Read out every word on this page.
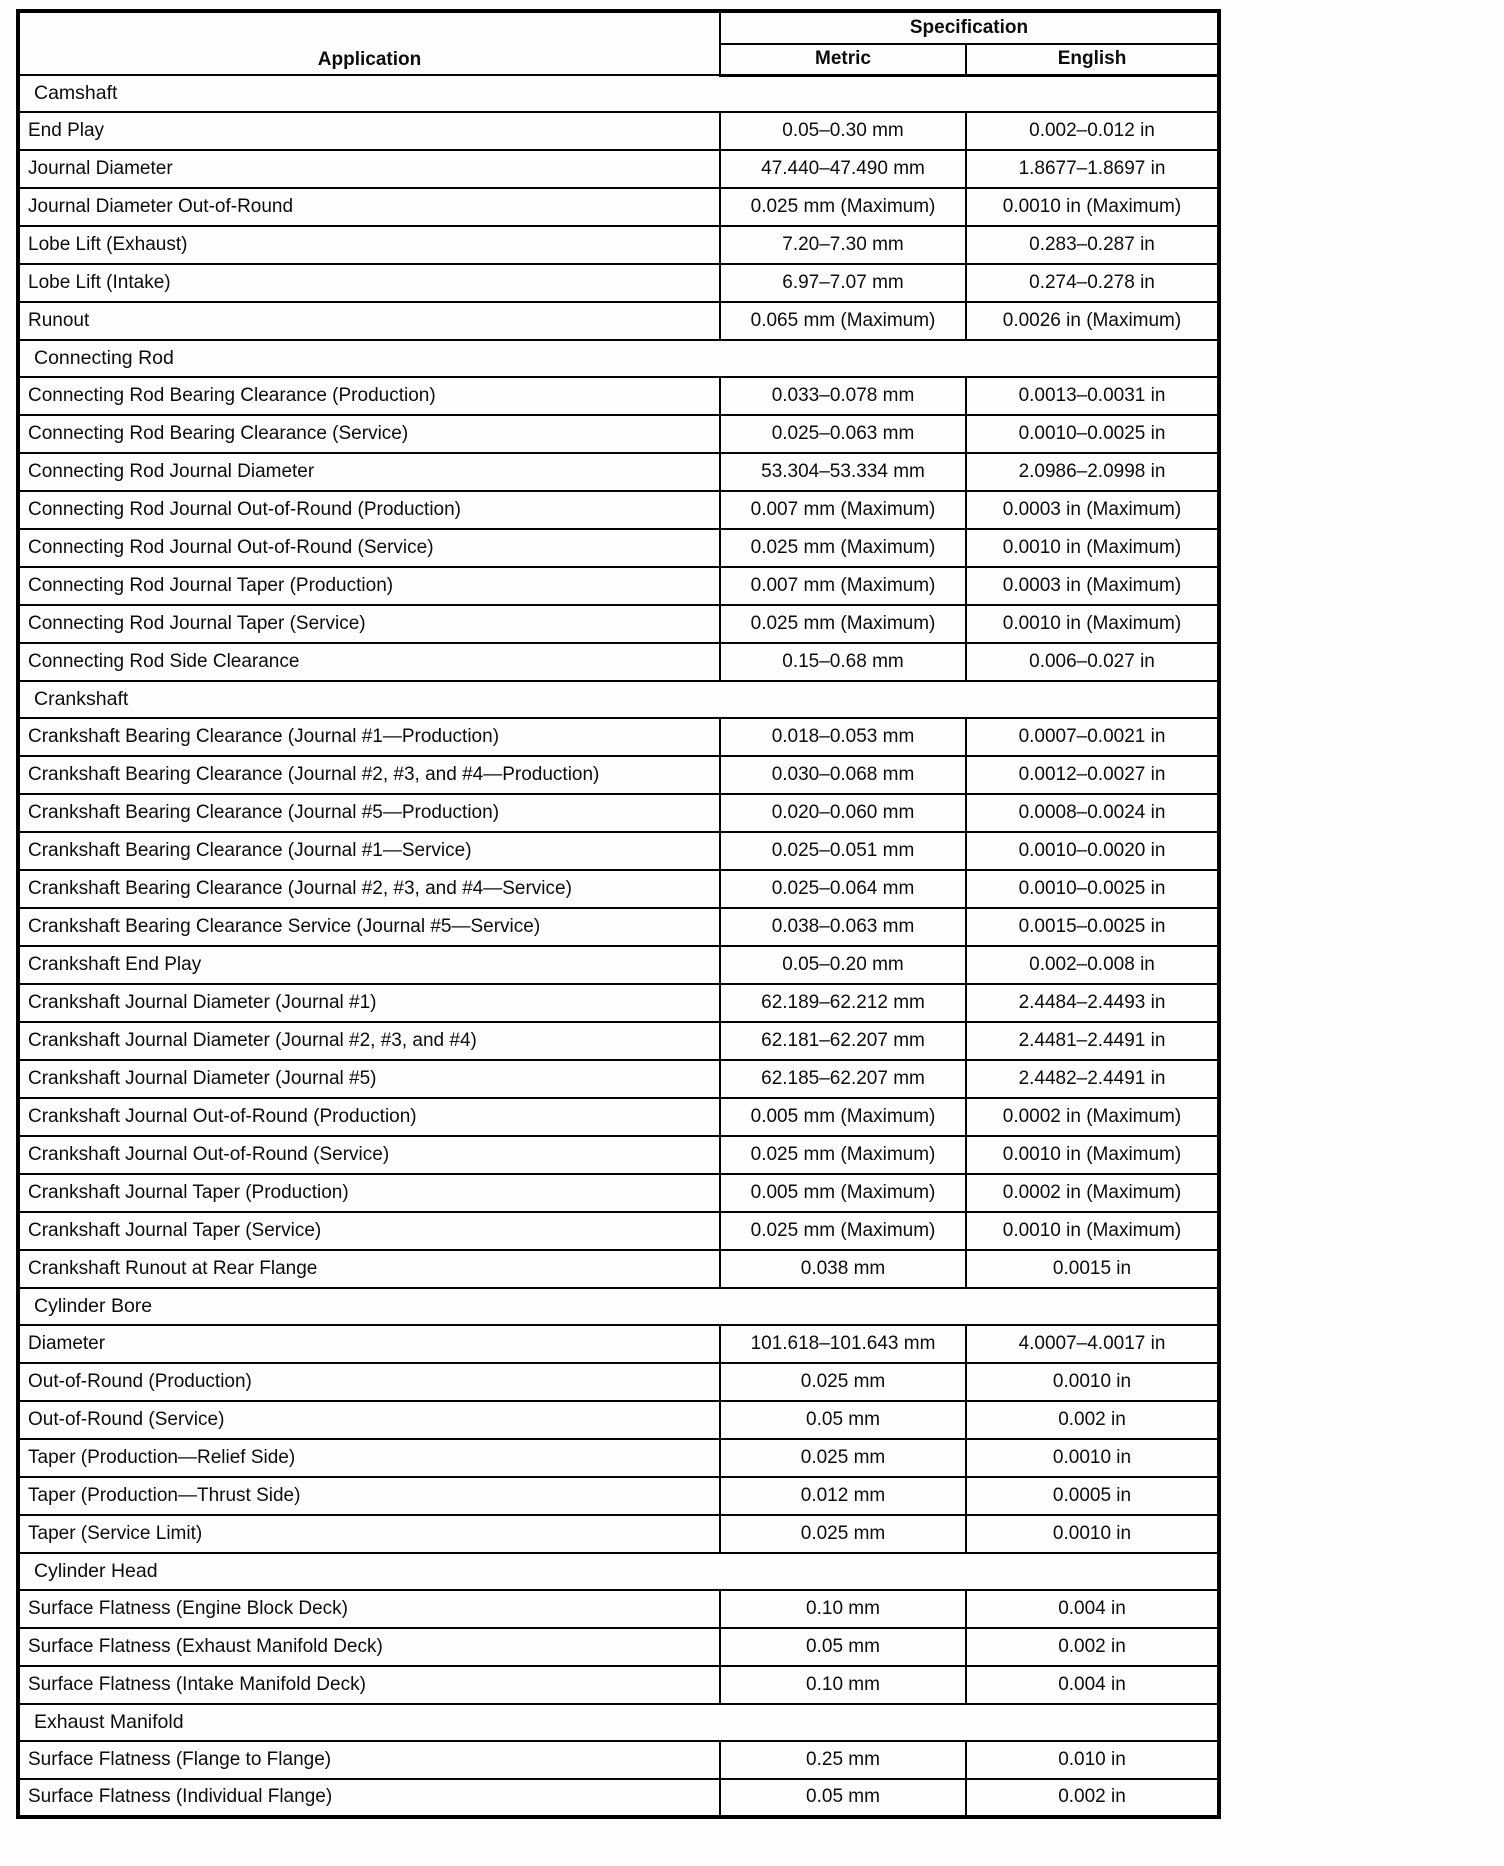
Application	Specification	
	Metric	English
Camshaft		
End Play	0.05–0.30 mm	0.002–0.012 in
Journal Diameter	47.440–47.490 mm	1.8677–1.8697 in
Journal Diameter Out-of-Round	0.025 mm (Maximum)	0.0010 in (Maximum)
Lobe Lift (Exhaust)	7.20–7.30 mm	0.283–0.287 in
Lobe Lift (Intake)	6.97–7.07 mm	0.274–0.278 in
Runout	0.065 mm (Maximum)	0.0026 in (Maximum)
Connecting Rod		
Connecting Rod Bearing Clearance (Production)	0.033–0.078 mm	0.0013–0.0031 in
Connecting Rod Bearing Clearance (Service)	0.025–0.063 mm	0.0010–0.0025 in
Connecting Rod Journal Diameter	53.304–53.334 mm	2.0986–2.0998 in
Connecting Rod Journal Out-of-Round (Production)	0.007 mm (Maximum)	0.0003 in (Maximum)
Connecting Rod Journal Out-of-Round (Service)	0.025 mm (Maximum)	0.0010 in (Maximum)
Connecting Rod Journal Taper (Production)	0.007 mm (Maximum)	0.0003 in (Maximum)
Connecting Rod Journal Taper (Service)	0.025 mm (Maximum)	0.0010 in (Maximum)
Connecting Rod Side Clearance	0.15–0.68 mm	0.006–0.027 in
Crankshaft		
Crankshaft Bearing Clearance (Journal #1—Production)	0.018–0.053 mm	0.0007–0.0021 in
Crankshaft Bearing Clearance (Journal #2, #3, and #4—Production)	0.030–0.068 mm	0.0012–0.0027 in
Crankshaft Bearing Clearance (Journal #5—Production)	0.020–0.060 mm	0.0008–0.0024 in
Crankshaft Bearing Clearance (Journal #1—Service)	0.025–0.051 mm	0.0010–0.0020 in
Crankshaft Bearing Clearance (Journal #2, #3, and #4—Service)	0.025–0.064 mm	0.0010–0.0025 in
Crankshaft Bearing Clearance Service (Journal #5—Service)	0.038–0.063 mm	0.0015–0.0025 in
Crankshaft End Play	0.05–0.20 mm	0.002–0.008 in
Crankshaft Journal Diameter (Journal #1)	62.189–62.212 mm	2.4484–2.4493 in
Crankshaft Journal Diameter (Journal #2, #3, and #4)	62.181–62.207 mm	2.4481–2.4491 in
Crankshaft Journal Diameter (Journal #5)	62.185–62.207 mm	2.4482–2.4491 in
Crankshaft Journal Out-of-Round (Production)	0.005 mm (Maximum)	0.0002 in (Maximum)
Crankshaft Journal Out-of-Round (Service)	0.025 mm (Maximum)	0.0010 in (Maximum)
Crankshaft Journal Taper (Production)	0.005 mm (Maximum)	0.0002 in (Maximum)
Crankshaft Journal Taper (Service)	0.025 mm (Maximum)	0.0010 in (Maximum)
Crankshaft Runout at Rear Flange	0.038 mm	0.0015 in
Cylinder Bore		
Diameter	101.618–101.643 mm	4.0007–4.0017 in
Out-of-Round (Production)	0.025 mm	0.0010 in
Out-of-Round (Service)	0.05 mm	0.002 in
Taper (Production—Relief Side)	0.025 mm	0.0010 in
Taper (Production—Thrust Side)	0.012 mm	0.0005 in
Taper (Service Limit)	0.025 mm	0.0010 in
Cylinder Head		
Surface Flatness (Engine Block Deck)	0.10 mm	0.004 in
Surface Flatness (Exhaust Manifold Deck)	0.05 mm	0.002 in
Surface Flatness (Intake Manifold Deck)	0.10 mm	0.004 in
Exhaust Manifold		
Surface Flatness (Flange to Flange)	0.25 mm	0.010 in
Surface Flatness (Individual Flange)	0.05 mm	0.002 in
